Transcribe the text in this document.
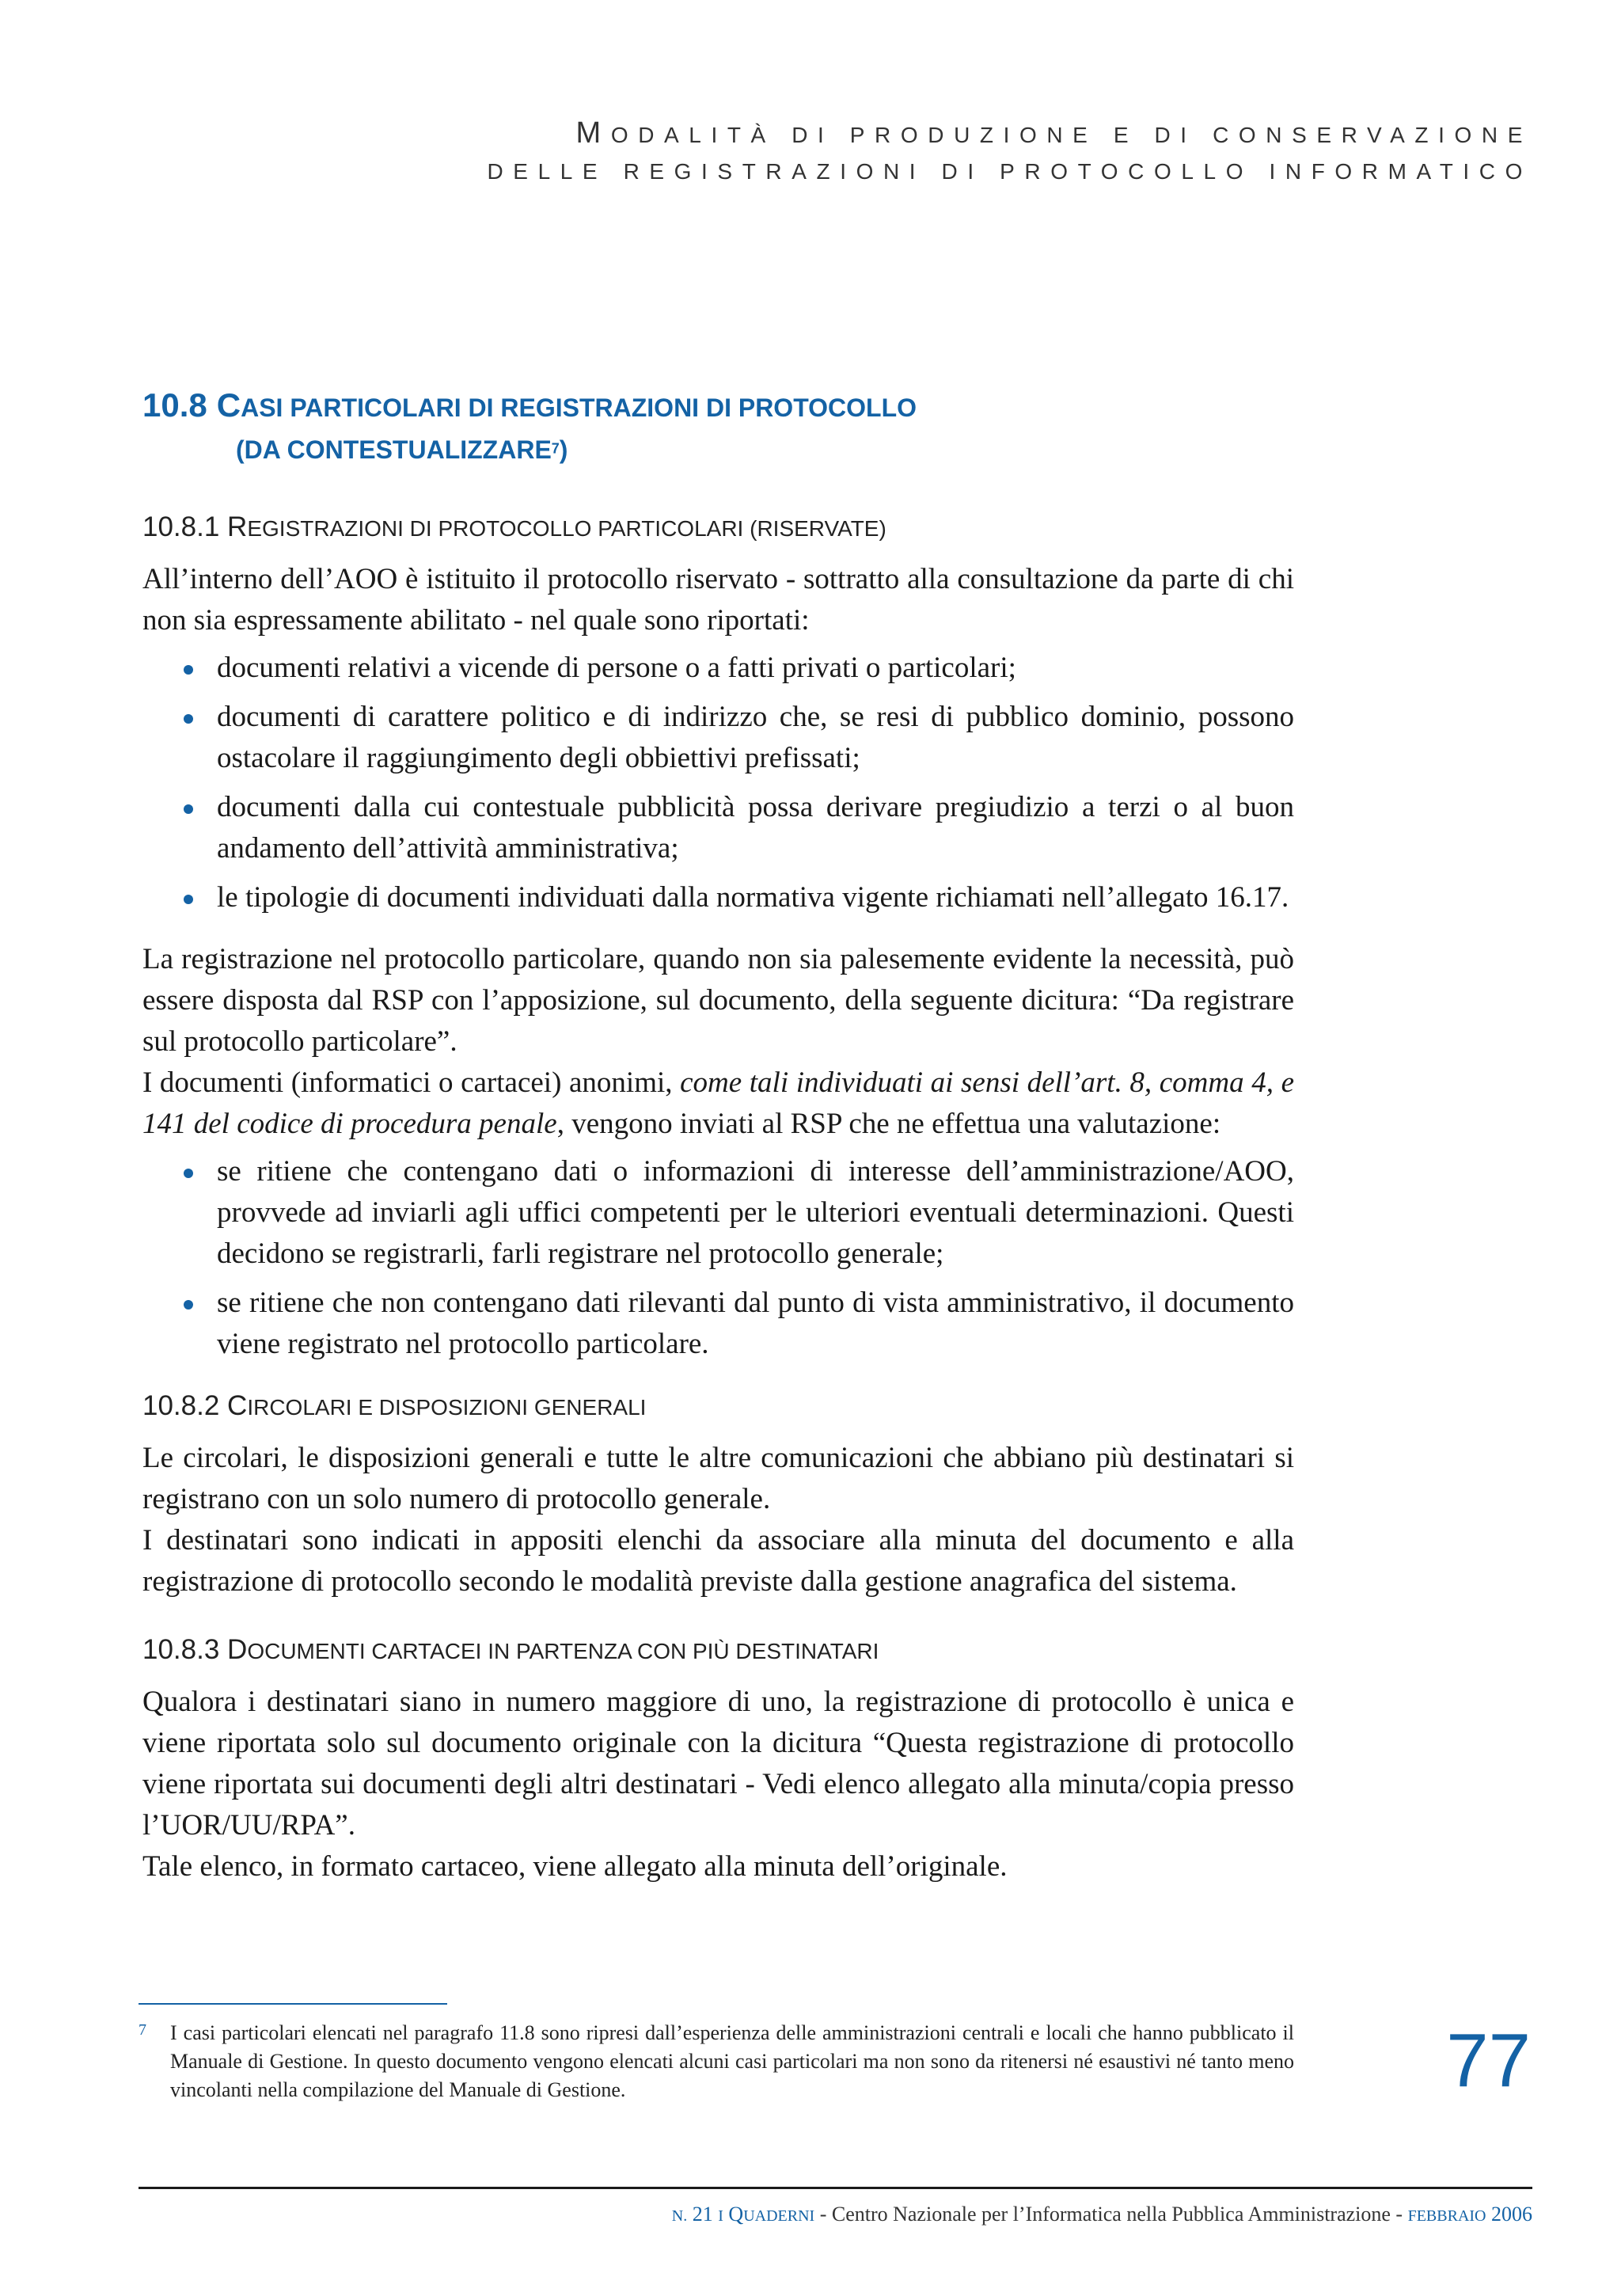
MODALITÀ DI PRODUZIONE E DI CONSERVAZIONE
DELLE REGISTRAZIONI DI PROTOCOLLO INFORMATICO
10.8 CASI PARTICOLARI DI REGISTRAZIONI DI PROTOCOLLO
(DA CONTESTUALIZZARE$^7$)
10.8.1 REGISTRAZIONI DI PROTOCOLLO PARTICOLARI (RISERVATE)

All’interno dell’AOO è istituito il protocollo riservato - sottratto alla consultazione da parte di chi non sia espressamente abilitato - nel quale sono riportati:

documenti relativi a vicende di persone o a fatti privati o particolari;
documenti di carattere politico e di indirizzo che, se resi di pubblico dominio, possono ostacolare il raggiungimento degli obbiettivi prefissati;
documenti dalla cui contestuale pubblicità possa derivare pregiudizio a terzi o al buon andamento dell’attività amministrativa;
le tipologie di documenti individuati dalla normativa vigente richiamati nell’allegato 16.17.

La registrazione nel protocollo particolare, quando non sia palesemente evidente la necessità, può essere disposta dal RSP con l’apposizione, sul documento, della seguente dicitura: “Da registrare sul protocollo particolare”.

I documenti (informatici o cartacei) anonimi, come tali individuati ai sensi dell’art. 8, comma 4, e 141 del codice di procedura penale, vengono inviati al RSP che ne effettua una valutazione:

se ritiene che contengano dati o informazioni di interesse dell’amministrazione/AOO, provvede ad inviarli agli uffici competenti per le ulteriori eventuali determinazioni. Questi decidono se registrarli, farli registrare nel protocollo generale;
se ritiene che non contengano dati rilevanti dal punto di vista amministrativo, il documento viene registrato nel protocollo particolare.
10.8.2 CIRCOLARI E DISPOSIZIONI GENERALI

Le circolari, le disposizioni generali e tutte le altre comunicazioni che abbiano più destinatari si registrano con un solo numero di protocollo generale.

I destinatari sono indicati in appositi elenchi da associare alla minuta del documento e alla registrazione di protocollo secondo le modalità previste dalla gestione anagrafica del sistema.

10.8.3 DOCUMENTI CARTACEI IN PARTENZA CON PIÙ DESTINATARI

Qualora i destinatari siano in numero maggiore di uno, la registrazione di protocollo è unica e viene riportata solo sul documento originale con la dicitura “Questa registrazione di protocollo viene riportata sui documenti degli altri destinatari - Vedi elenco allegato alla minuta/copia presso l’UOR/UU/RPA”.

Tale elenco, in formato cartaceo, viene allegato alla minuta dell’originale.

7 I casi particolari elencati nel paragrafo 11.8 sono ripresi dall’esperienza delle amministrazioni centrali e locali che hanno pubblicato il Manuale di Gestione. In questo documento vengono elencati alcuni casi particolari ma non sono da ritenersi né esaustivi né tanto meno vincolanti nella compilazione del Manuale di Gestione.	77
N. 21 I QUADERNI - Centro Nazionale per l’Informatica nella Pubblica Amministrazione - FEBBRAIO 2006
